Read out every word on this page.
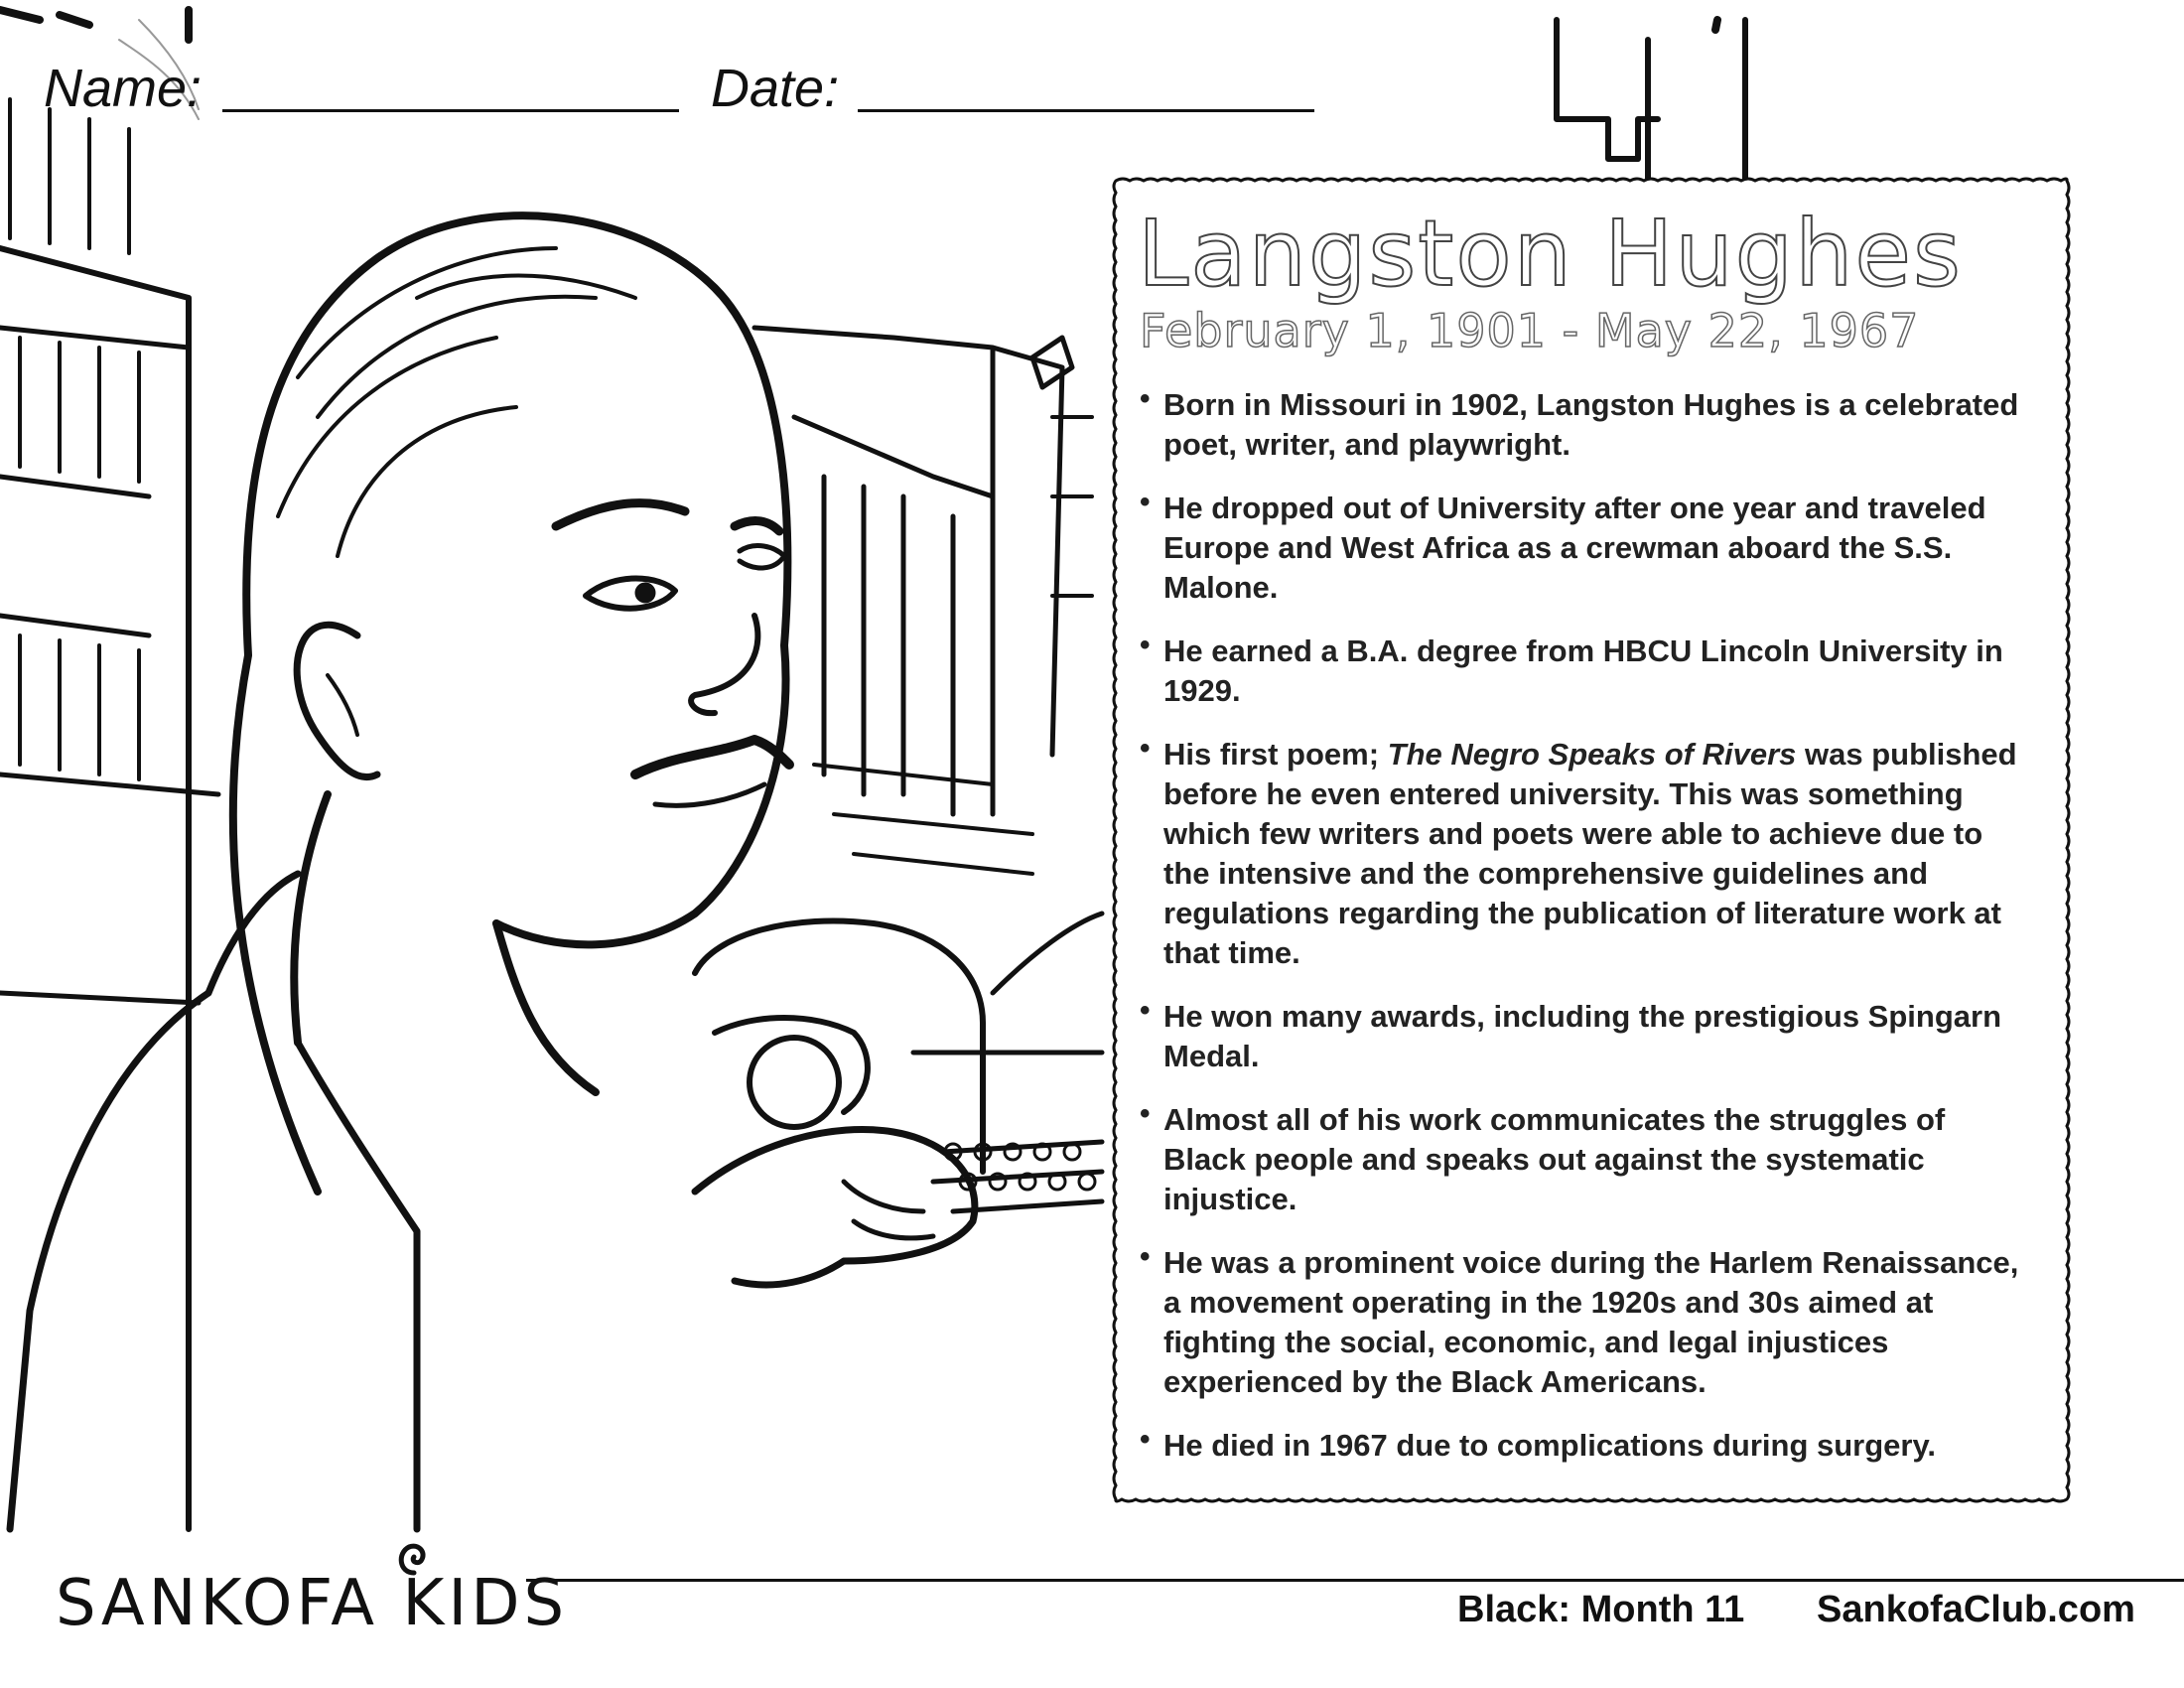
Name:	Date:
Langston Hughes
February 1, 1901 - May 22, 1967
• Born in Missouri in 1902, Langston Hughes is a celebrated poet, writer, and playwright.
• He dropped out of University after one year and traveled Europe and West Africa as a crewman aboard the S.S. Malone.
• He earned a B.A. degree from HBCU Lincoln University in 1929.
• His first poem; The Negro Speaks of Rivers was published before he even entered university. This was something which few writers and poets were able to achieve due to the intensive and the comprehensive guidelines and regulations regarding the publication of literature work at that time.
• He won many awards, including the prestigious Spingarn Medal.
• Almost all of his work communicates the struggles of Black people and speaks out against the systematic injustice.
• He was a prominent voice during the Harlem Renaissance, a movement operating in the 1920s and 30s aimed at fighting the social, economic, and legal injustices experienced by the Black Americans.
• He died in 1967 due to complications during surgery.
SANKOFA KIDS	Black: Month 11 SankofaClub.com
